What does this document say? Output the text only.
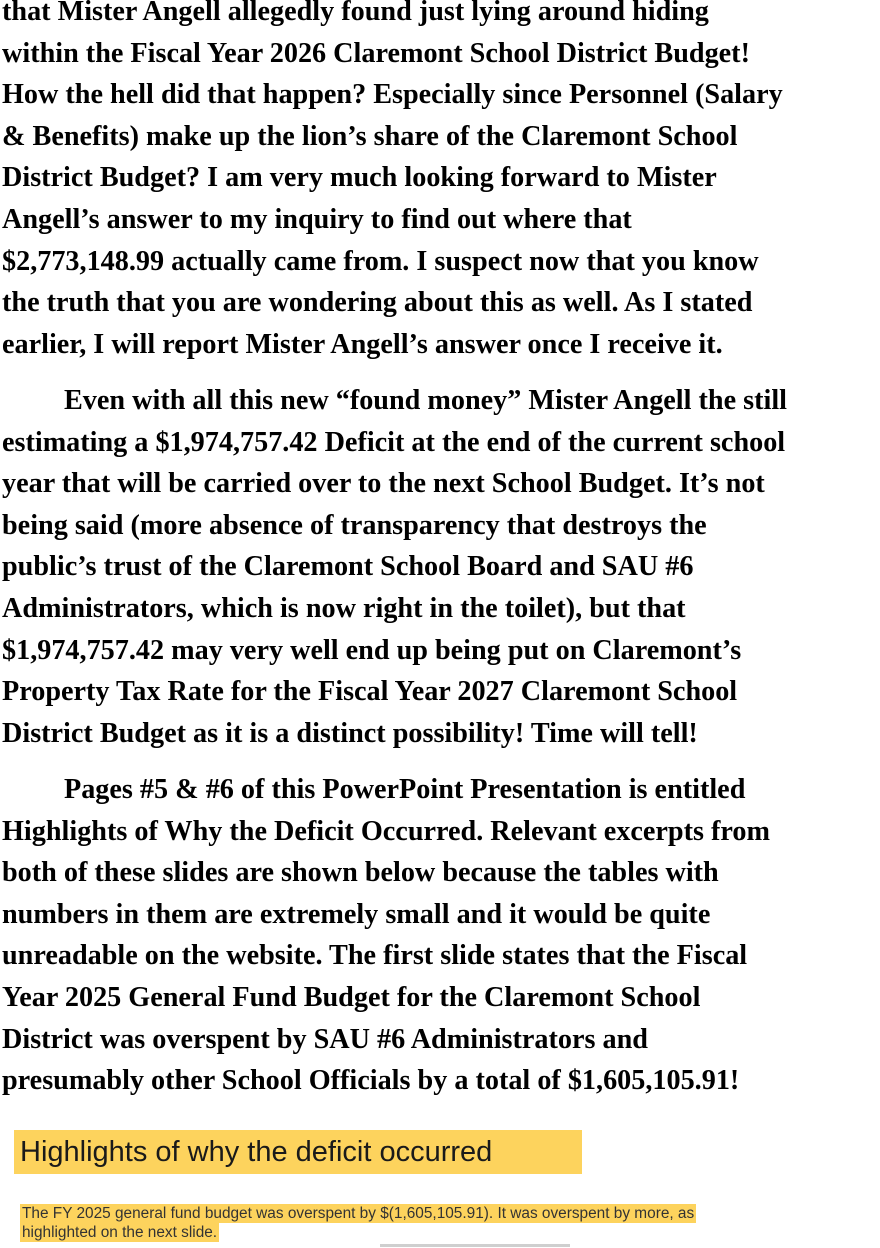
that Mister Angell allegedly found just lying around hiding
within the Fiscal Year 2026 Claremont School District Budget!
How the hell did that happen? Especially since Personnel (Salary
& Benefits) make up the lion’s share of the Claremont School
District Budget? I am very much looking forward to Mister
Angell’s answer to my inquiry to find out where that
$2,773,148.99 actually came from. I suspect now that you know
the truth that you are wondering about this as well. As I stated
earlier, I will report Mister Angell’s answer once I receive it.
Even with all this new “found money” Mister Angell the still
estimating a $1,974,757.42 Deficit at the end of the current school
year that will be carried over to the next School Budget. It’s not
being said (more absence of transparency that destroys the
public’s trust of the Claremont School Board and SAU #6
Administrators, which is now right in the toilet), but that
$1,974,757.42 may very well end up being put on Claremont’s
Property Tax Rate for the Fiscal Year 2027 Claremont School
District Budget as it is a distinct possibility! Time will tell!
Pages #5 & #6 of this PowerPoint Presentation is entitled
Highlights of Why the Deficit Occurred. Relevant excerpts from
both of these slides are shown below because the tables with
numbers in them are extremely small and it would be quite
unreadable on the website. The first slide states that the Fiscal
Year 2025 General Fund Budget for the Claremont School
District was overspent by SAU #6 Administrators and
presumably other School Officials by a total of $1,605,105.91!
Highlights of why the deficit occurred
The FY 2025 general fund budget was overspent by $(1,605,105.91). It was overspent by more, as
highlighted on the next slide.
